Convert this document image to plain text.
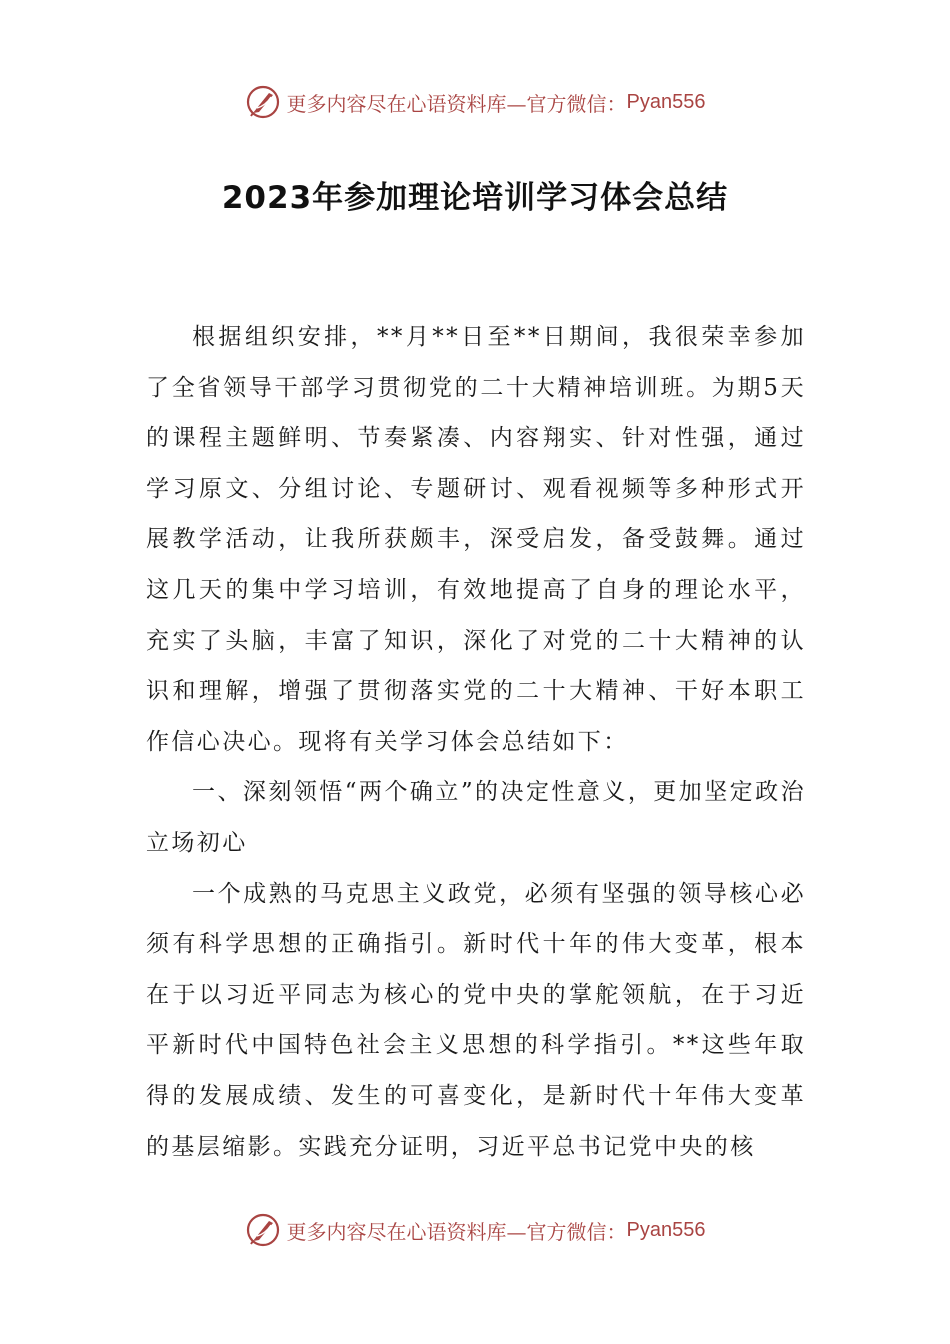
更多内容尽在心语资料库—官方微信： Pyan556
2023年参加理论培训学习体会总结

根据组织安排，**月**日至**日期间，我很荣幸参加了全省领导干部学习贯彻党的二十大精神培训班。为期5天的课程主题鲜明、节奏紧凑、内容翔实、针对性强，通过学习原文、分组讨论、专题研讨、观看视频等多种形式开展教学活动，让我所获颇丰，深受启发，备受鼓舞。通过这几天的集中学习培训，有效地提高了自身的理论水平，充实了头脑，丰富了知识，深化了对党的二十大精神的认识和理解，增强了贯彻落实党的二十大精神、干好本职工作信心决心。现将有关学习体会总结如下：

一、深刻领悟“两个确立”的决定性意义，更加坚定政治立场初心

一个成熟的马克思主义政党，必须有坚强的领导核心必须有科学思想的正确指引。新时代十年的伟大变革，根本在于以习近平同志为核心的党中央的掌舵领航，在于习近平新时代中国特色社会主义思想的科学指引。**这些年取得的发展成绩、发生的可喜变化，是新时代十年伟大变革的基层缩影。实践充分证明，习近平总书记党中央的核

更多内容尽在心语资料库—官方微信： Pyan556
